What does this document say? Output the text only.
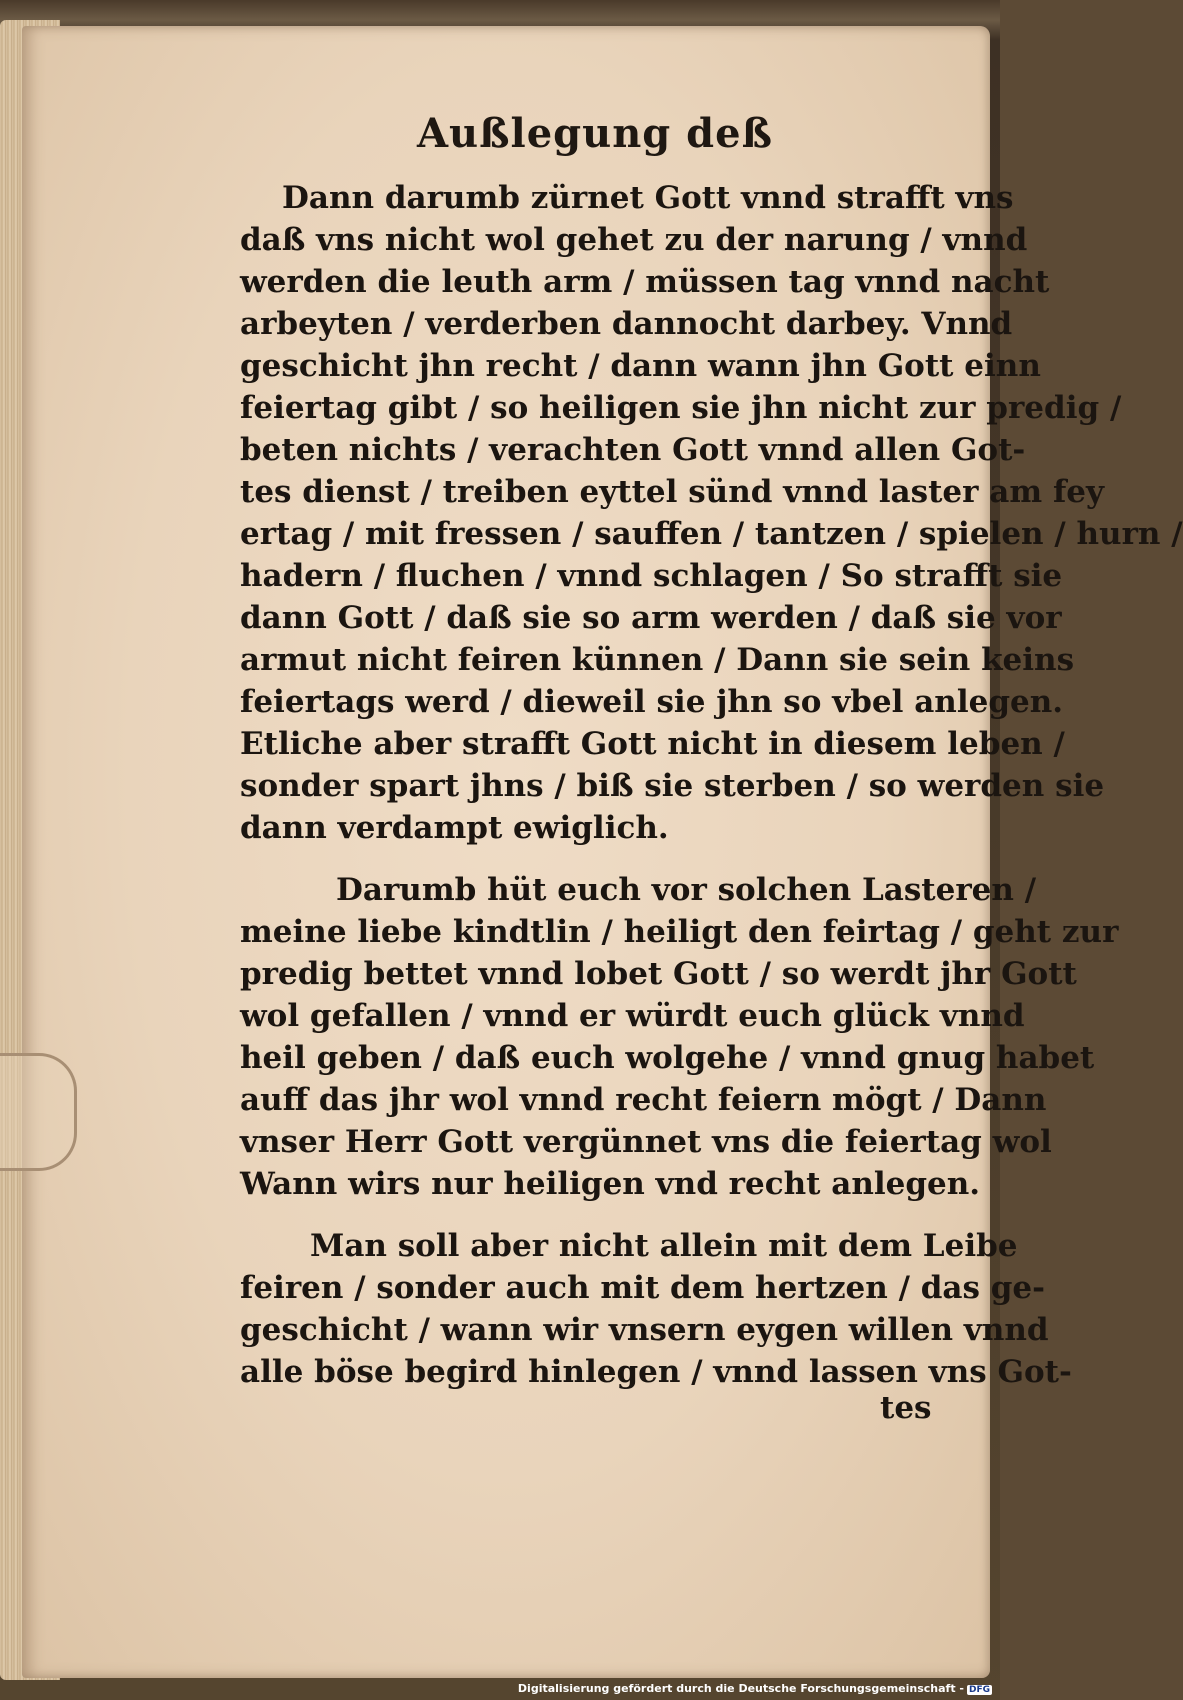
Außlegung deß
Dann darumb zürnet Gott vnnd strafft vns
daß vns nicht wol gehet zu der narung / vnnd
werden die leuth arm / müssen tag vnnd nacht
arbeyten / verderben dannocht darbey. Vnnd
geschicht jhn recht / dann wann jhn Gott einn
feiertag gibt / so heiligen sie jhn nicht zur predig /
beten nichts / verachten Gott vnnd allen Got-
tes dienst / treiben eyttel sünd vnnd laster am fey
ertag / mit fressen / sauffen / tantzen / spielen / hurn /
hadern / fluchen / vnnd schlagen / So strafft sie
dann Gott / daß sie so arm werden / daß sie vor
armut nicht feiren künnen / Dann sie sein keins
feiertags werd / dieweil sie jhn so vbel anlegen.
Etliche aber strafft Gott nicht in diesem leben /
sonder spart jhns / biß sie sterben / so werden sie
dann verdampt ewiglich.
Darumb hüt euch vor solchen Lasteren /
meine liebe kindtlin / heiligt den feirtag / geht zur
predig bettet vnnd lobet Gott / so werdt jhr Gott
wol gefallen / vnnd er würdt euch glück vnnd
heil geben / daß euch wolgehe / vnnd gnug habet
auff das jhr wol vnnd recht feiern mögt / Dann
vnser Herr Gott vergünnet vns die feiertag wol
Wann wirs nur heiligen vnd recht anlegen.
Man soll aber nicht allein mit dem Leibe
feiren / sonder auch mit dem hertzen / das ge-
geschicht / wann wir vnsern eygen willen vnnd
alle böse begird hinlegen / vnnd lassen vns Got-
tes
Digitalisierung gefördert durch die Deutsche Forschungsgemeinschaft - DFG
